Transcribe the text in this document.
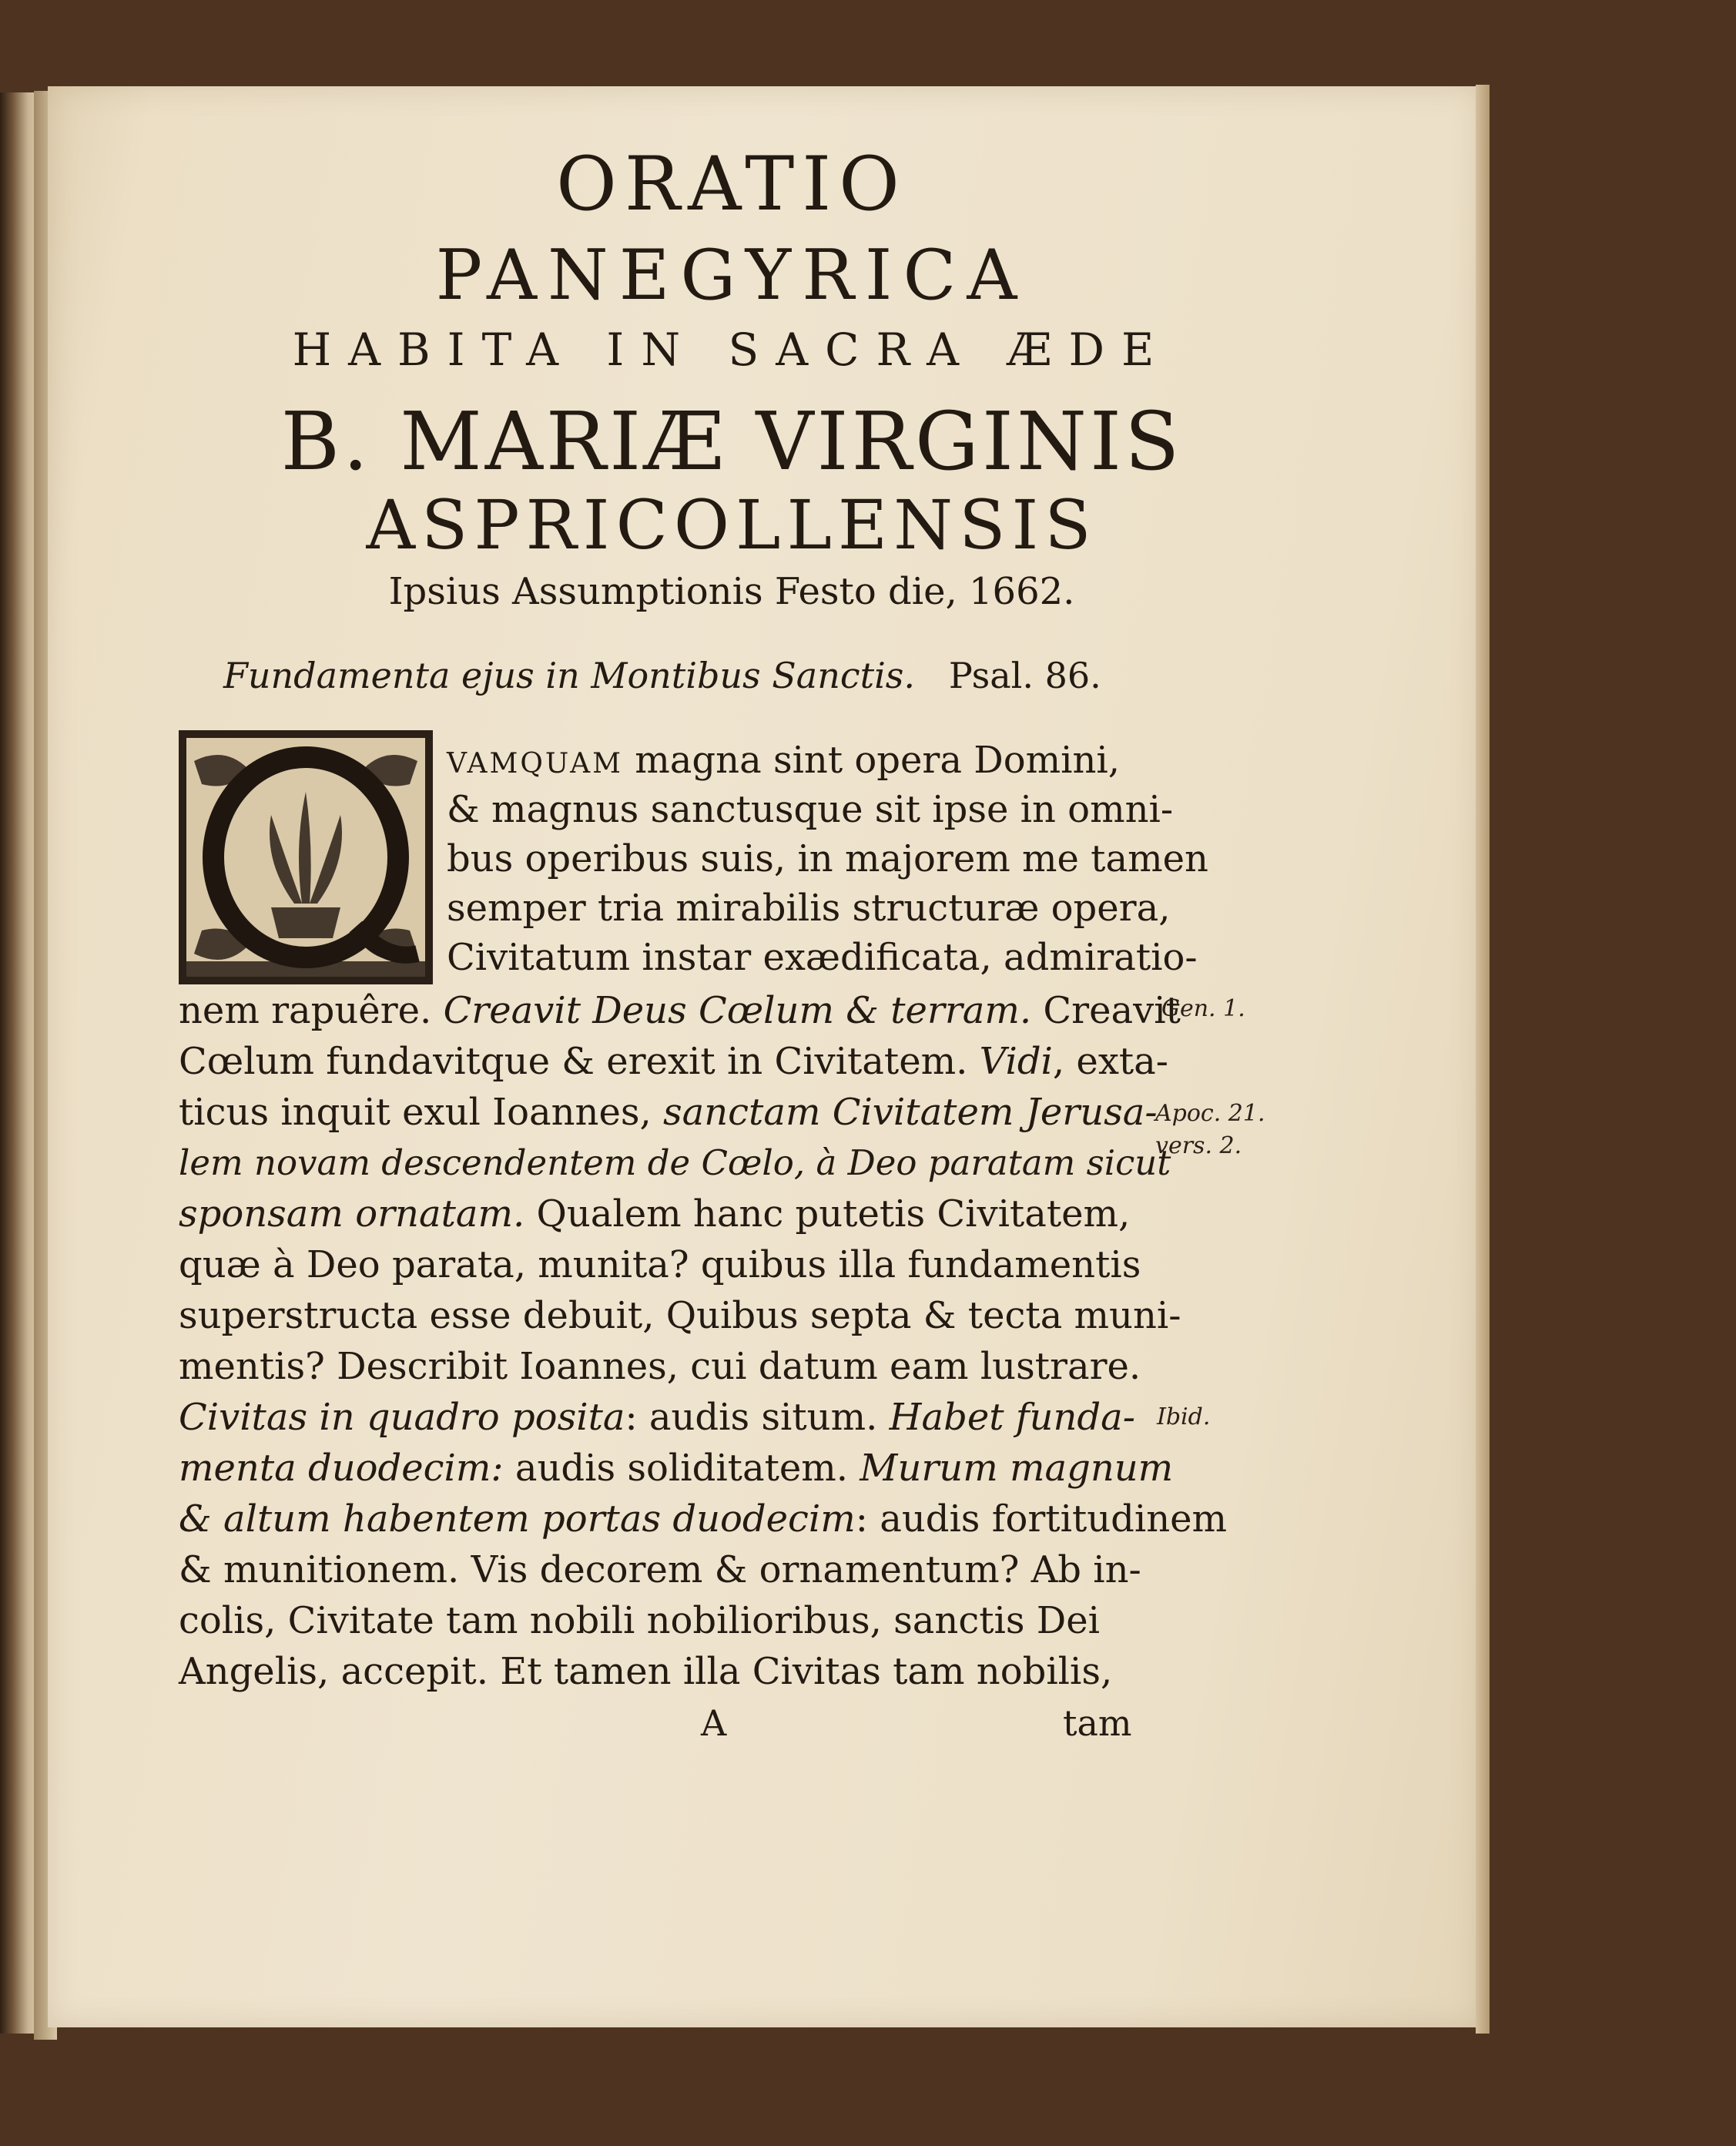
ORATIO
PANEGYRICA
HABITA IN SACRA ÆDE
B. MARIÆ VIRGINIS
ASPRICOLLENSIS
Ipsius Assumptionis Festo die, 1662.
Fundamenta ejus in Montibus Sanctis. Psal. 86.
VAMQUAM magna sint opera Domini,
& magnus sanctusque sit ipse in omni-
bus operibus suis, in majorem me tamen
semper tria mirabilis structuræ opera,
Civitatum instar exædificata, admiratio-
nem rapuêre. Creavit Deus Cœlum & terram. Creavit
Cœlum fundavitque & erexit in Civitatem. Vidi, exta-
ticus inquit exul Ioannes, sanctam Civitatem Jerusa-
lem novam descendentem de Cœlo, à Deo paratam sicut
sponsam ornatam. Qualem hanc putetis Civitatem,
quæ à Deo parata, munita? quibus illa fundamentis
superstructa esse debuit, Quibus septa & tecta muni-
mentis? Describit Ioannes, cui datum eam lustrare.
Civitas in quadro posita: audis situm. Habet funda-
menta duodecim: audis soliditatem. Murum magnum
& altum habentem portas duodecim: audis fortitudinem
& munitionem. Vis decorem & ornamentum? Ab in-
colis, Civitate tam nobili nobilioribus, sanctis Dei
Angelis, accepit. Et tamen illa Civitas tam nobilis,
Gen. 1.
Apoc. 21.
vers. 2.
Ibid.
A	tam
